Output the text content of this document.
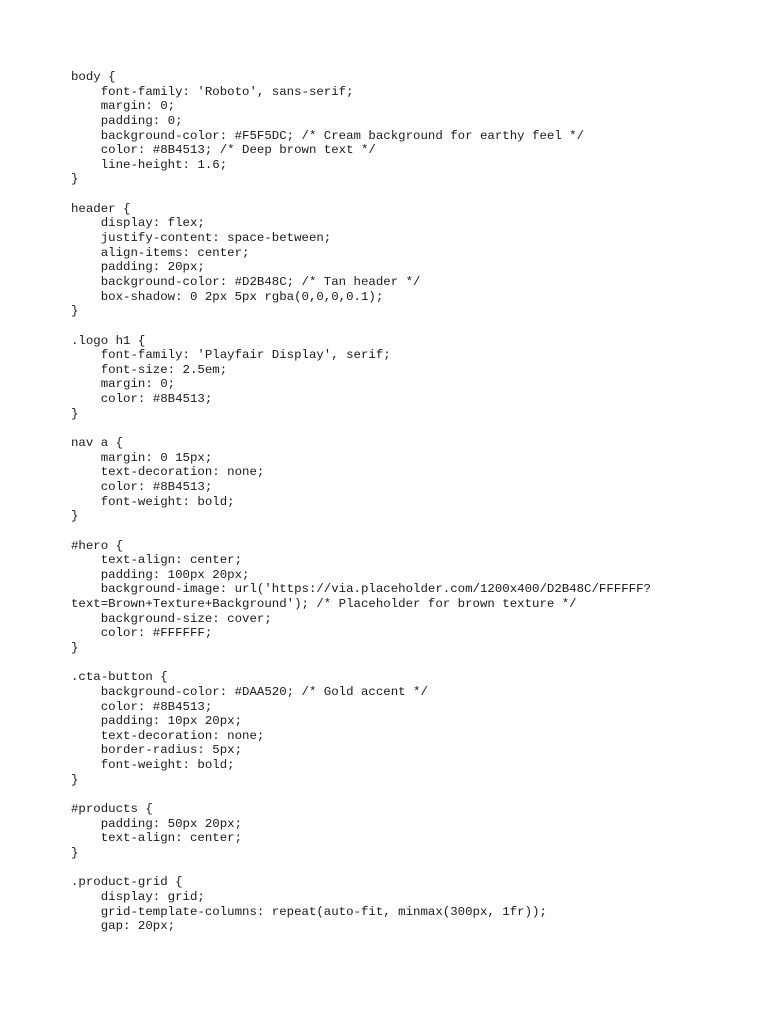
body {
font-family: 'Roboto', sans-serif;
margin: 0;
padding: 0;
background-color: #F5F5DC; /* Cream background for earthy feel */
color: #8B4513; /* Deep brown text */
line-height: 1.6;
}
header {
display: flex;
justify-content: space-between;
align-items: center;
padding: 20px;
background-color: #D2B48C; /* Tan header */
box-shadow: 0 2px 5px rgba(0,0,0,0.1);
}
.logo h1 {
font-family: 'Playfair Display', serif;
font-size: 2.5em;
margin: 0;
color: #8B4513;
}
nav a {
margin: 0 15px;
text-decoration: none;
color: #8B4513;
font-weight: bold;
}
#hero {
text-align: center;
padding: 100px 20px;
background-image: url('https://via.placeholder.com/1200x400/D2B48C/FFFFFF?
text=Brown+Texture+Background'); /* Placeholder for brown texture */
background-size: cover;
color: #FFFFFF;
}
.cta-button {
background-color: #DAA520; /* Gold accent */
color: #8B4513;
padding: 10px 20px;
text-decoration: none;
border-radius: 5px;
font-weight: bold;
}
#products {
padding: 50px 20px;
text-align: center;
}
.product-grid {
display: grid;
grid-template-columns: repeat(auto-fit, minmax(300px, 1fr));
gap: 20px;
